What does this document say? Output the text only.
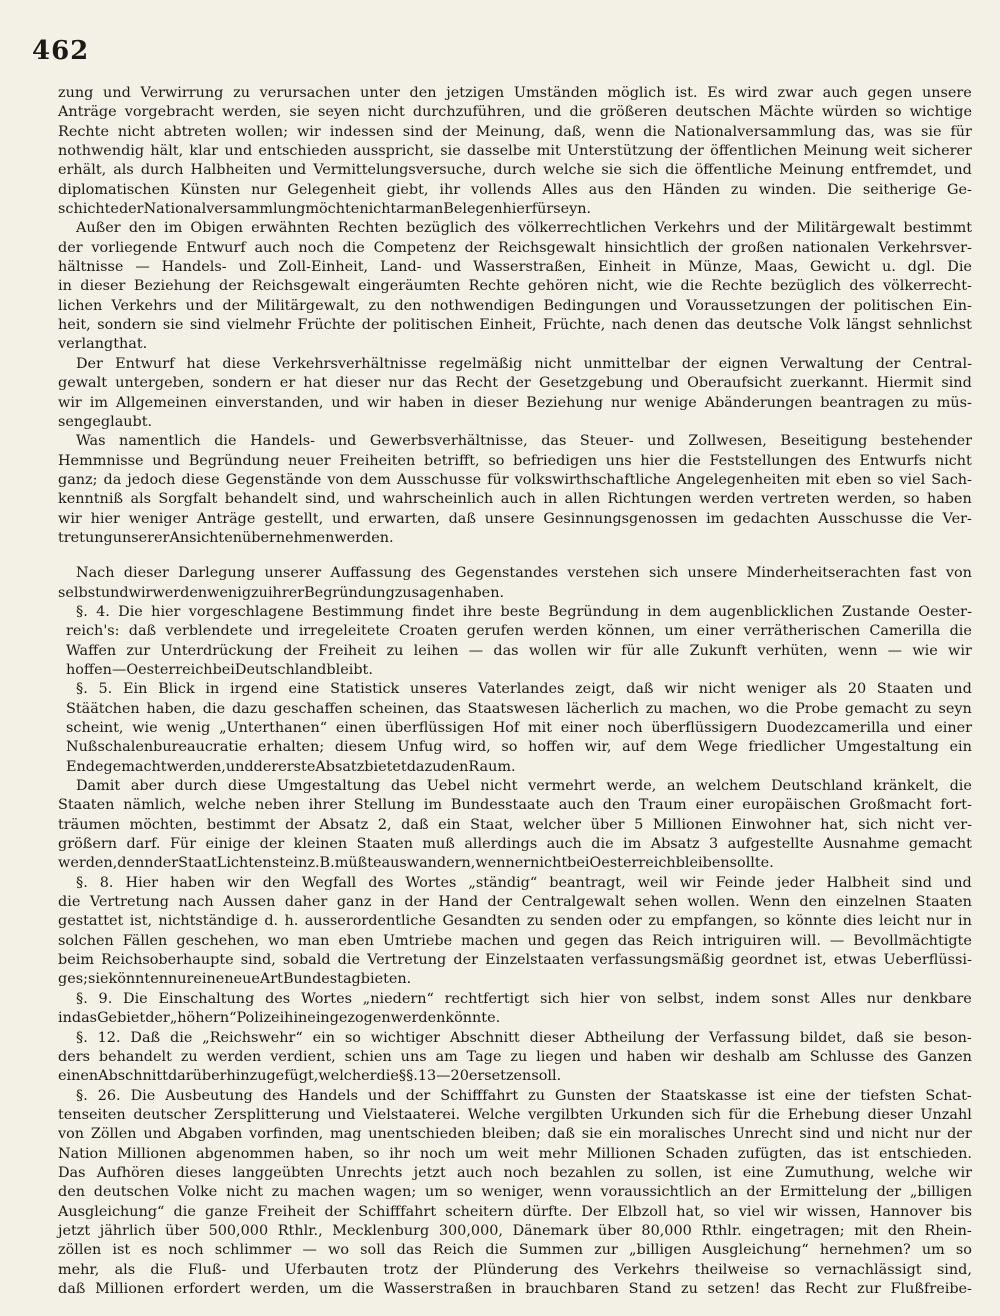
462
zung und Verwirrung zu verursachen unter den jetzigen Umständen möglich ist. Es wird zwar auch gegen unsere
Anträge vorgebracht werden, sie seyen nicht durchzuführen, und die größeren deutschen Mächte würden so wichtige
Rechte nicht abtreten wollen; wir indessen sind der Meinung, daß, wenn die Nationalversammlung das, was sie für
nothwendig hält, klar und entschieden ausspricht, sie dasselbe mit Unterstützung der öffentlichen Meinung weit sicherer
erhält, als durch Halbheiten und Vermittelungsversuche, durch welche sie sich die öffentliche Meinung entfremdet, und
diplomatischen Künsten nur Gelegenheit giebt, ihr vollends Alles aus den Händen zu winden. Die seitherige Ge-
schichte der Nationalversammlung möchte nicht arm an Belegen hierfür seyn.
Außer den im Obigen erwähnten Rechten bezüglich des völkerrechtlichen Verkehrs und der Militärgewalt bestimmt
der vorliegende Entwurf auch noch die Competenz der Reichsgewalt hinsichtlich der großen nationalen Verkehrsver-
hältnisse — Handels- und Zoll-Einheit, Land- und Wasserstraßen, Einheit in Münze, Maas, Gewicht u. dgl. Die
in dieser Beziehung der Reichsgewalt eingeräumten Rechte gehören nicht, wie die Rechte bezüglich des völkerrecht-
lichen Verkehrs und der Militärgewalt, zu den nothwendigen Bedingungen und Voraussetzungen der politischen Ein-
heit, sondern sie sind vielmehr Früchte der politischen Einheit, Früchte, nach denen das deutsche Volk längst sehnlichst
verlangt hat.
Der Entwurf hat diese Verkehrsverhältnisse regelmäßig nicht unmittelbar der eignen Verwaltung der Central-
gewalt untergeben, sondern er hat dieser nur das Recht der Gesetzgebung und Oberaufsicht zuerkannt. Hiermit sind
wir im Allgemeinen einverstanden, und wir haben in dieser Beziehung nur wenige Abänderungen beantragen zu müs-
sen geglaubt.
Was namentlich die Handels- und Gewerbsverhältnisse, das Steuer- und Zollwesen, Beseitigung bestehender
Hemmnisse und Begründung neuer Freiheiten betrifft, so befriedigen uns hier die Feststellungen des Entwurfs nicht
ganz; da jedoch diese Gegenstände von dem Ausschusse für volkswirthschaftliche Angelegenheiten mit eben so viel Sach-
kenntniß als Sorgfalt behandelt sind, und wahrscheinlich auch in allen Richtungen werden vertreten werden, so haben
wir hier weniger Anträge gestellt, und erwarten, daß unsere Gesinnungsgenossen im gedachten Ausschusse die Ver-
tretung unserer Ansichten übernehmen werden.
Nach dieser Darlegung unserer Auffassung des Gegenstandes verstehen sich unsere Minderheitserachten fast von
selbst und wir werden wenig zu ihrer Begründung zu sagen haben.
§. 4. Die hier vorgeschlagene Bestimmung findet ihre beste Begründung in dem augenblicklichen Zustande Oester-
reich's: daß verblendete und irregeleitete Croaten gerufen werden können, um einer verrätherischen Camerilla die
Waffen zur Unterdrückung der Freiheit zu leihen — das wollen wir für alle Zukunft verhüten, wenn — wie wir
hoffen — Oesterreich bei Deutschland bleibt.
§. 5. Ein Blick in irgend eine Statistick unseres Vaterlandes zeigt, daß wir nicht weniger als 20 Staaten und
Stäätchen haben, die dazu geschaffen scheinen, das Staatswesen lächerlich zu machen, wo die Probe gemacht zu seyn
scheint, wie wenig „Unterthanen“ einen überflüssigen Hof mit einer noch überflüssigern Duodezcamerilla und einer
Nußschalenbureaucratie erhalten; diesem Unfug wird, so hoffen wir, auf dem Wege friedlicher Umgestaltung ein
Ende gemacht werden, und der erste Absatz bietet dazu den Raum.
Damit aber durch diese Umgestaltung das Uebel nicht vermehrt werde, an welchem Deutschland kränkelt, die
Staaten nämlich, welche neben ihrer Stellung im Bundesstaate auch den Traum einer europäischen Großmacht fort-
träumen möchten, bestimmt der Absatz 2, daß ein Staat, welcher über 5 Millionen Einwohner hat, sich nicht ver-
größern darf. Für einige der kleinen Staaten muß allerdings auch die im Absatz 3 aufgestellte Ausnahme gemacht
werden, denn der Staat Lichtenstein z. B. müßte auswandern, wenn er nicht bei Oesterreich bleiben sollte.
§. 8. Hier haben wir den Wegfall des Wortes „ständig“ beantragt, weil wir Feinde jeder Halbheit sind und
die Vertretung nach Aussen daher ganz in der Hand der Centralgewalt sehen wollen. Wenn den einzelnen Staaten
gestattet ist, nichtständige d. h. ausserordentliche Gesandten zu senden oder zu empfangen, so könnte dies leicht nur in
solchen Fällen geschehen, wo man eben Umtriebe machen und gegen das Reich intriguiren will. — Bevollmächtigte
beim Reichsoberhaupte sind, sobald die Vertretung der Einzelstaaten verfassungsmäßig geordnet ist, etwas Ueberflüssi-
ges; sie könnten nur eine neue Art Bundestag bieten.
§. 9. Die Einschaltung des Wortes „niedern“ rechtfertigt sich hier von selbst, indem sonst Alles nur denkbare
in das Gebiet der „höhern“ Polizei hineingezogen werden könnte.
§. 12. Daß die „Reichswehr“ ein so wichtiger Abschnitt dieser Abtheilung der Verfassung bildet, daß sie beson-
ders behandelt zu werden verdient, schien uns am Tage zu liegen und haben wir deshalb am Schlusse des Ganzen
einen Abschnitt darüber hinzugefügt, welcher die §§. 13—20 ersetzen soll.
§. 26. Die Ausbeutung des Handels und der Schifffahrt zu Gunsten der Staatskasse ist eine der tiefsten Schat-
tenseiten deutscher Zersplitterung und Vielstaaterei. Welche vergilbten Urkunden sich für die Erhebung dieser Unzahl
von Zöllen und Abgaben vorfinden, mag unentschieden bleiben; daß sie ein moralisches Unrecht sind und nicht nur der
Nation Millionen abgenommen haben, so ihr noch um weit mehr Millionen Schaden zufügten, das ist entschieden.
Das Aufhören dieses langgeübten Unrechts jetzt auch noch bezahlen zu sollen, ist eine Zumuthung, welche wir
den deutschen Volke nicht zu machen wagen; um so weniger, wenn voraussichtlich an der Ermittelung der „billigen
Ausgleichung“ die ganze Freiheit der Schifffahrt scheitern dürfte. Der Elbzoll hat, so viel wir wissen, Hannover bis
jetzt jährlich über 500,000 Rthlr., Mecklenburg 300,000, Dänemark über 80,000 Rthlr. eingetragen; mit den Rhein-
zöllen ist es noch schlimmer — wo soll das Reich die Summen zur „billigen Ausgleichung“ hernehmen? um so
mehr, als die Fluß- und Uferbauten trotz der Plünderung des Verkehrs theilweise so vernachlässigt sind,
daß Millionen erfordert werden, um die Wasserstraßen in brauchbaren Stand zu setzen! das Recht zur Flußfreibe-
